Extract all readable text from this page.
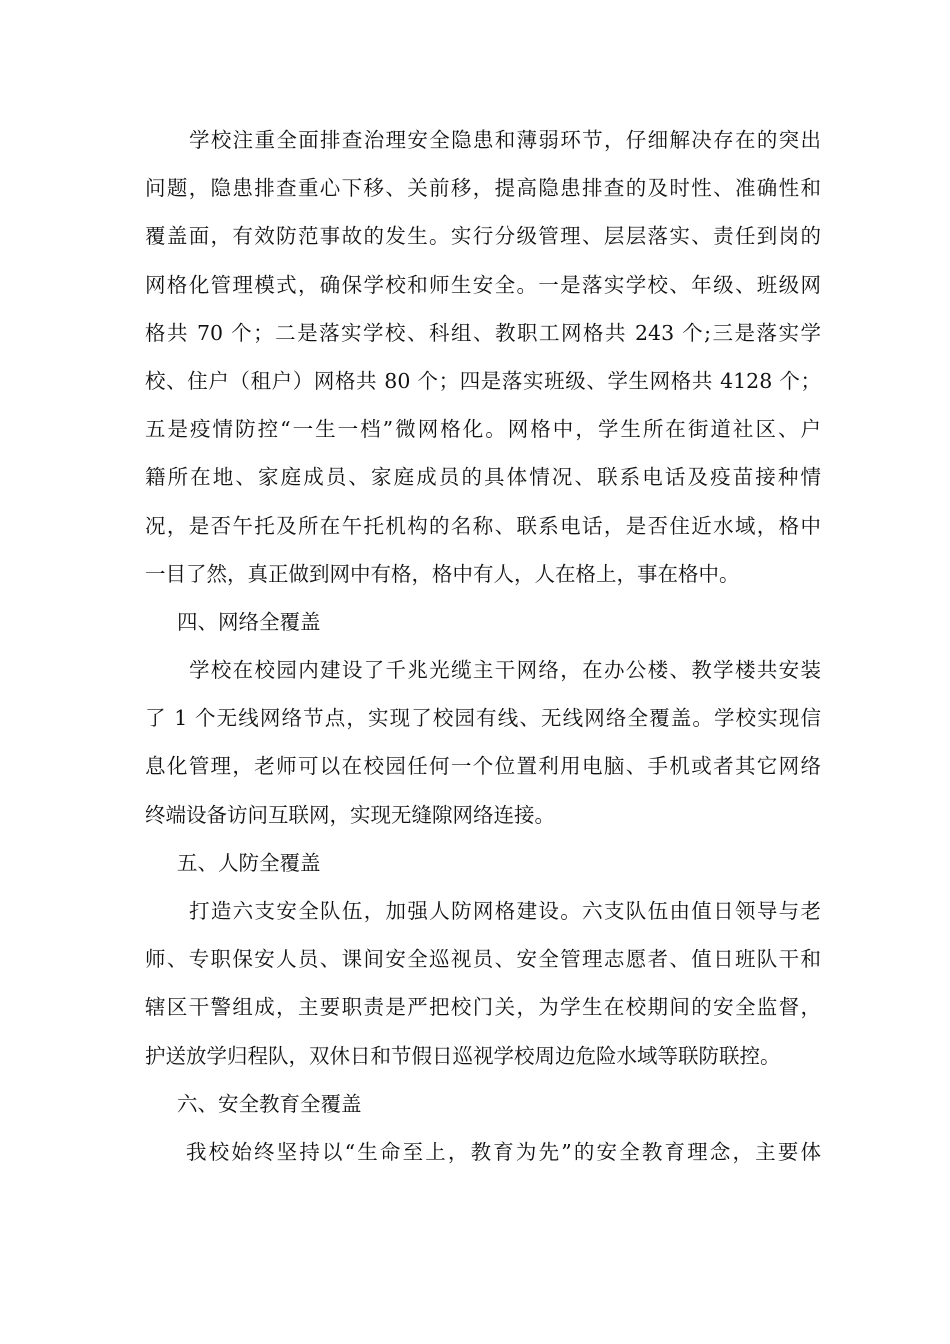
学校注重全面排查治理安全隐患和薄弱环节，仔细解决存在的突出
问题，隐患排查重心下移、关前移，提高隐患排查的及时性、准确性和
覆盖面，有效防范事故的发生。实行分级管理、层层落实、责任到岗的
网格化管理模式，确保学校和师生安全。一是落实学校、年级、班级网
格共 70 个；二是落实学校、科组、教职工网格共 243 个;三是落实学
校、住户（租户）网格共 80 个；四是落实班级、学生网格共 4128 个；
五是疫情防控“一生一档”微网格化。网格中，学生所在街道社区、户
籍所在地、家庭成员、家庭成员的具体情况、联系电话及疫苗接种情
况，是否午托及所在午托机构的名称、联系电话，是否住近水域，格中
一目了然，真正做到网中有格，格中有人，人在格上，事在格中。
四、网络全覆盖
学校在校园内建设了千兆光缆主干网络，在办公楼、教学楼共安装
了 1 个无线网络节点，实现了校园有线、无线网络全覆盖。学校实现信
息化管理，老师可以在校园任何一个位置利用电脑、手机或者其它网络
终端设备访问互联网，实现无缝隙网络连接。
五、人防全覆盖
打造六支安全队伍，加强人防网格建设。六支队伍由值日领导与老
师、专职保安人员、课间安全巡视员、安全管理志愿者、值日班队干和
辖区干警组成，主要职责是严把校门关，为学生在校期间的安全监督，
护送放学归程队，双休日和节假日巡视学校周边危险水域等联防联控。
六、安全教育全覆盖
我校始终坚持以“生命至上，教育为先”的安全教育理念，主要体
